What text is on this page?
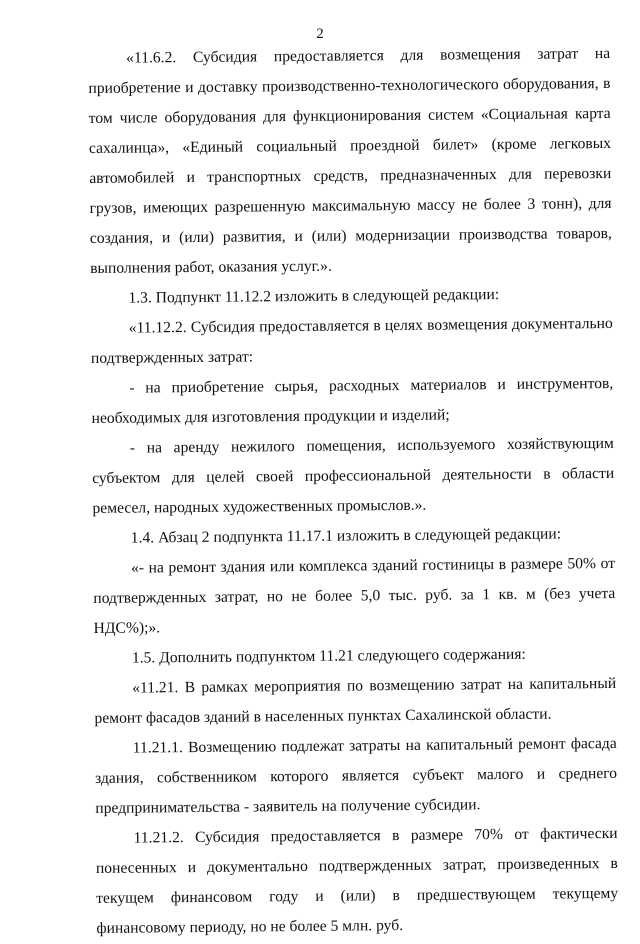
2

«11.6.2. Субсидия предоставляется для возмещения затрат на приобретение и доставку производственно-технологического оборудования, в том числе оборудования для функционирования систем «Социальная карта сахалинца», «Единый социальный проездной билет» (кроме легковых автомобилей и транспортных средств, предназначенных для перевозки грузов, имеющих разрешенную максимальную массу не более 3 тонн), для создания, и (или) развития, и (или) модернизации производства товаров, выполнения работ, оказания услуг.».

1.3. Подпункт 11.12.2 изложить в следующей редакции:

«11.12.2. Субсидия предоставляется в целях возмещения документально подтвержденных затрат:

- на приобретение сырья, расходных материалов и инструментов, необходимых для изготовления продукции и изделий;

- на аренду нежилого помещения, используемого хозяйствующим субъектом для целей своей профессиональной деятельности в области ремесел, народных художественных промыслов.».

1.4. Абзац 2 подпункта 11.17.1 изложить в следующей редакции:

«- на ремонт здания или комплекса зданий гостиницы в размере 50% от подтвержденных затрат, но не более 5,0 тыс. руб. за 1 кв. м (без учета НДС%);».

1.5. Дополнить подпунктом 11.21 следующего содержания:

«11.21. В рамках мероприятия по возмещению затрат на капитальный ремонт фасадов зданий в населенных пунктах Сахалинской области.

11.21.1. Возмещению подлежат затраты на капитальный ремонт фасада здания, собственником которого является субъект малого и среднего предпринимательства - заявитель на получение субсидии.

11.21.2. Субсидия предоставляется в размере 70% от фактически понесенных и документально подтвержденных затрат, произведенных в текущем финансовом году и (или) в предшествующем текущему финансовому периоду, но не более 5 млн. руб.
